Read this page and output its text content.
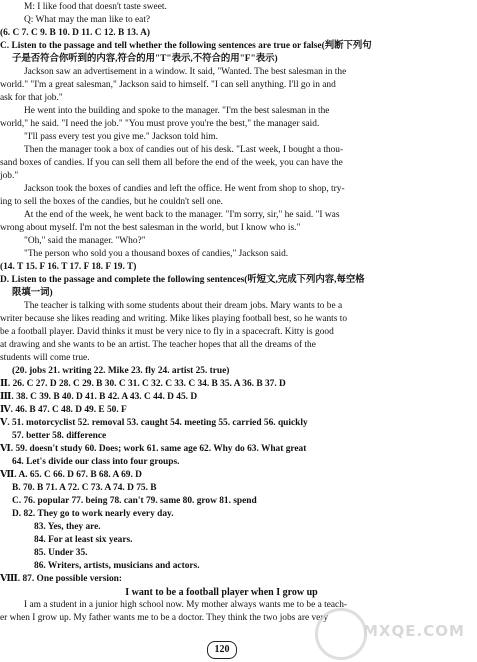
M: I like food that doesn't taste sweet.
Q: What may the man like to eat?
(6. C 7. C 9. B 10. D 11. C 12. B 13. A)
C. Listen to the passage and tell whether the following sentences are true or false(判断下列句
子是否符合你听到的内容,符合的用"T"表示,不符合的用"F"表示)
Jackson saw an advertisement in a window. It said, "Wanted. The best salesman in the
world." "I'm a great salesman," Jackson said to himself. "I can sell anything. I'll go in and
ask for that job."
He went into the building and spoke to the manager. "I'm the best salesman in the
world," he said. "I need the job." "You must prove you're the best," the manager said.
"I'll pass every test you give me." Jackson told him.
Then the manager took a box of candies out of his desk. "Last week, I bought a thou-
sand boxes of candies. If you can sell them all before the end of the week, you can have the
job."
Jackson took the boxes of candies and left the office. He went from shop to shop, try-
ing to sell the boxes of the candies, but he couldn't sell one.
At the end of the week, he went back to the manager. "I'm sorry, sir," he said. "I was
wrong about myself. I'm not the best salesman in the world, but I know who is."
"Oh," said the manager. "Who?"
"The person who sold you a thousand boxes of candies," Jackson said.
(14. T 15. F 16. T 17. F 18. F 19. T)
D. Listen to the passage and complete the following sentences(听短文,完成下列内容,每空格
限填一词)
The teacher is talking with some students about their dream jobs. Mary wants to be a
writer because she likes reading and writing. Mike likes playing football best, so he wants to
be a football player. David thinks it must be very nice to fly in a spacecraft. Kitty is good
at drawing and she wants to be an artist. The teacher hopes that all the dreams of the
students will come true.
(20. jobs 21. writing 22. Mike 23. fly 24. artist 25. true)
Ⅱ. 26. C 27. D 28. C 29. B 30. C 31. C 32. C 33. C 34. B 35. A 36. B 37. D
Ⅲ. 38. C 39. B 40. D 41. B 42. A 43. C 44. D 45. D
Ⅳ. 46. B 47. C 48. D 49. E 50. F
Ⅴ. 51. motorcyclist 52. removal 53. caught 54. meeting 55. carried 56. quickly
57. better 58. difference
Ⅵ. 59. doesn't study 60. Does; work 61. same age 62. Why do 63. What great
64. Let's divide our class into four groups.
Ⅶ. A. 65. C 66. D 67. B 68. A 69. D
B. 70. B 71. A 72. C 73. A 74. D 75. B
C. 76. popular 77. being 78. can't 79. same 80. grow 81. spend
D. 82. They go to work nearly every day.
83. Yes, they are.
84. For at least six years.
85. Under 35.
86. Writers, artists, musicians and actors.
Ⅷ. 87. One possible version:
I want to be a football player when I grow up
I am a student in a junior high school now. My mother always wants me to be a teach-
er when I grow up. My father wants me to be a doctor. They think the two jobs are very
120
MXQE.COM
